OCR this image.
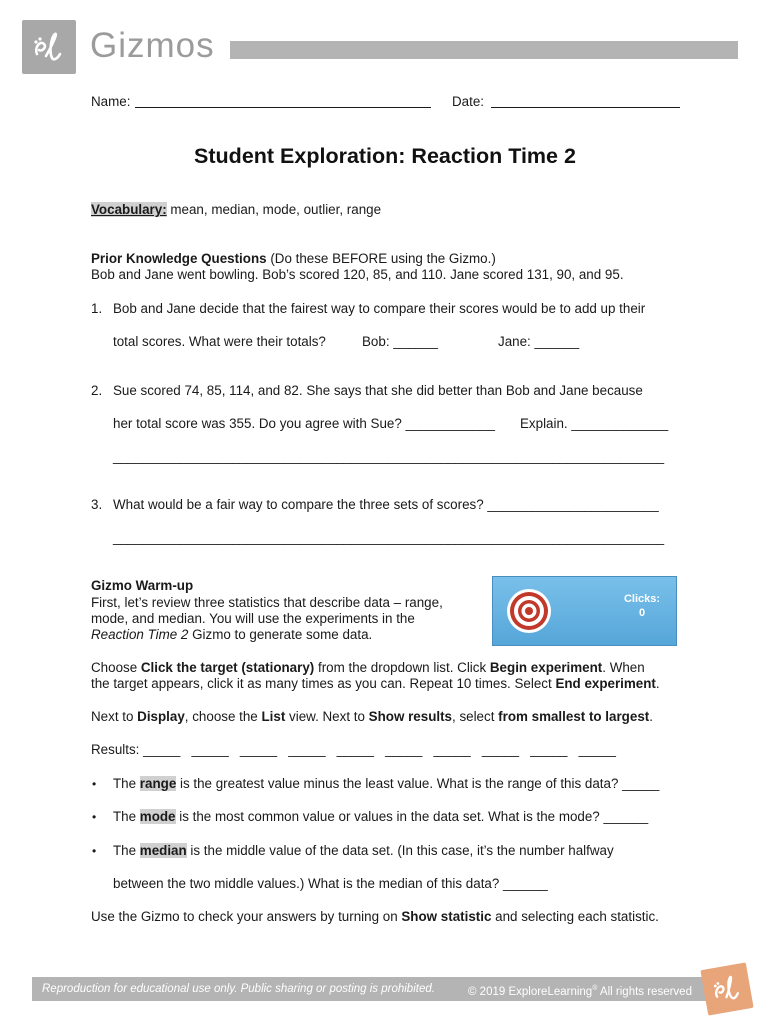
Gizmos
Name:	Date:
Student Exploration: Reaction Time 2
Vocabulary: mean, median, mode, outlier, range
Prior Knowledge Questions (Do these BEFORE using the Gizmo.)
Bob and Jane went bowling. Bob’s scored 120, 85, and 110. Jane scored 131, 90, and 95.
1. Bob and Jane decide that the fairest way to compare their scores would be to add up their
total scores. What were their totals?	Bob: ______	Jane: ______
2. Sue scored 74, 85, 114, and 82. She says that she did better than Bob and Jane because
her total score was 355. Do you agree with Sue? ____________ Explain. _____________
__________________________________________________________________________
3. What would be a fair way to compare the three sets of scores? _______________________
__________________________________________________________________________
Gizmo Warm-up
First, let’s review three statistics that describe data – range,
mode, and median. You will use the experiments in the
Reaction Time 2 Gizmo to generate some data.
Clicks:
0
Choose Click the target (stationary) from the dropdown list. Click Begin experiment. When
the target appears, click it as many times as you can. Repeat 10 times. Select End experiment.
Next to Display, choose the List view. Next to Show results, select from smallest to largest.
Results: _____   _____   _____   _____   _____   _____   _____   _____   _____   _____
• The range is the greatest value minus the least value. What is the range of this data? _____
• The mode is the most common value or values in the data set. What is the mode? ______
• The median is the middle value of the data set. (In this case, it’s the number halfway
between the two middle values.) What is the median of this data? ______
Use the Gizmo to check your answers by turning on Show statistic and selecting each statistic.
Reproduction for educational use only. Public sharing or posting is prohibited.	© 2019 ExploreLearning® All rights reserved
